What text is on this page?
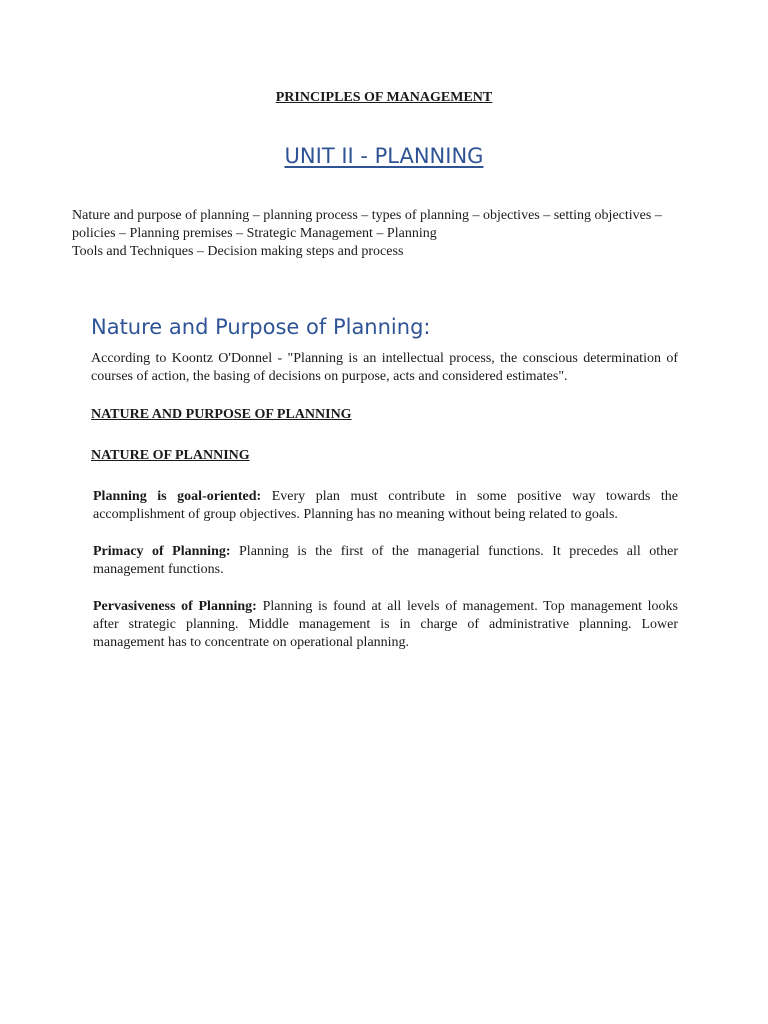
PRINCIPLES OF MANAGEMENT
UNIT II - PLANNING
Nature and purpose of planning – planning process – types of planning – objectives – setting objectives –
policies – Planning premises – Strategic Management – Planning
Tools and Techniques – Decision making steps and process
Nature and Purpose of Planning:

According to Koontz O'Donnel - "Planning is an intellectual process, the conscious determination of courses of action, the basing of decisions on purpose, acts and considered estimates".

NATURE AND PURPOSE OF PLANNING

NATURE OF PLANNING

Planning is goal-oriented: Every plan must contribute in some positive way towards the accomplishment of group objectives. Planning has no meaning without being related to goals.

Primacy of Planning: Planning is the first of the managerial functions. It precedes all other management functions.

Pervasiveness of Planning: Planning is found at all levels of management. Top management looks after strategic planning. Middle management is in charge of administrative planning. Lower management has to concentrate on operational planning.
